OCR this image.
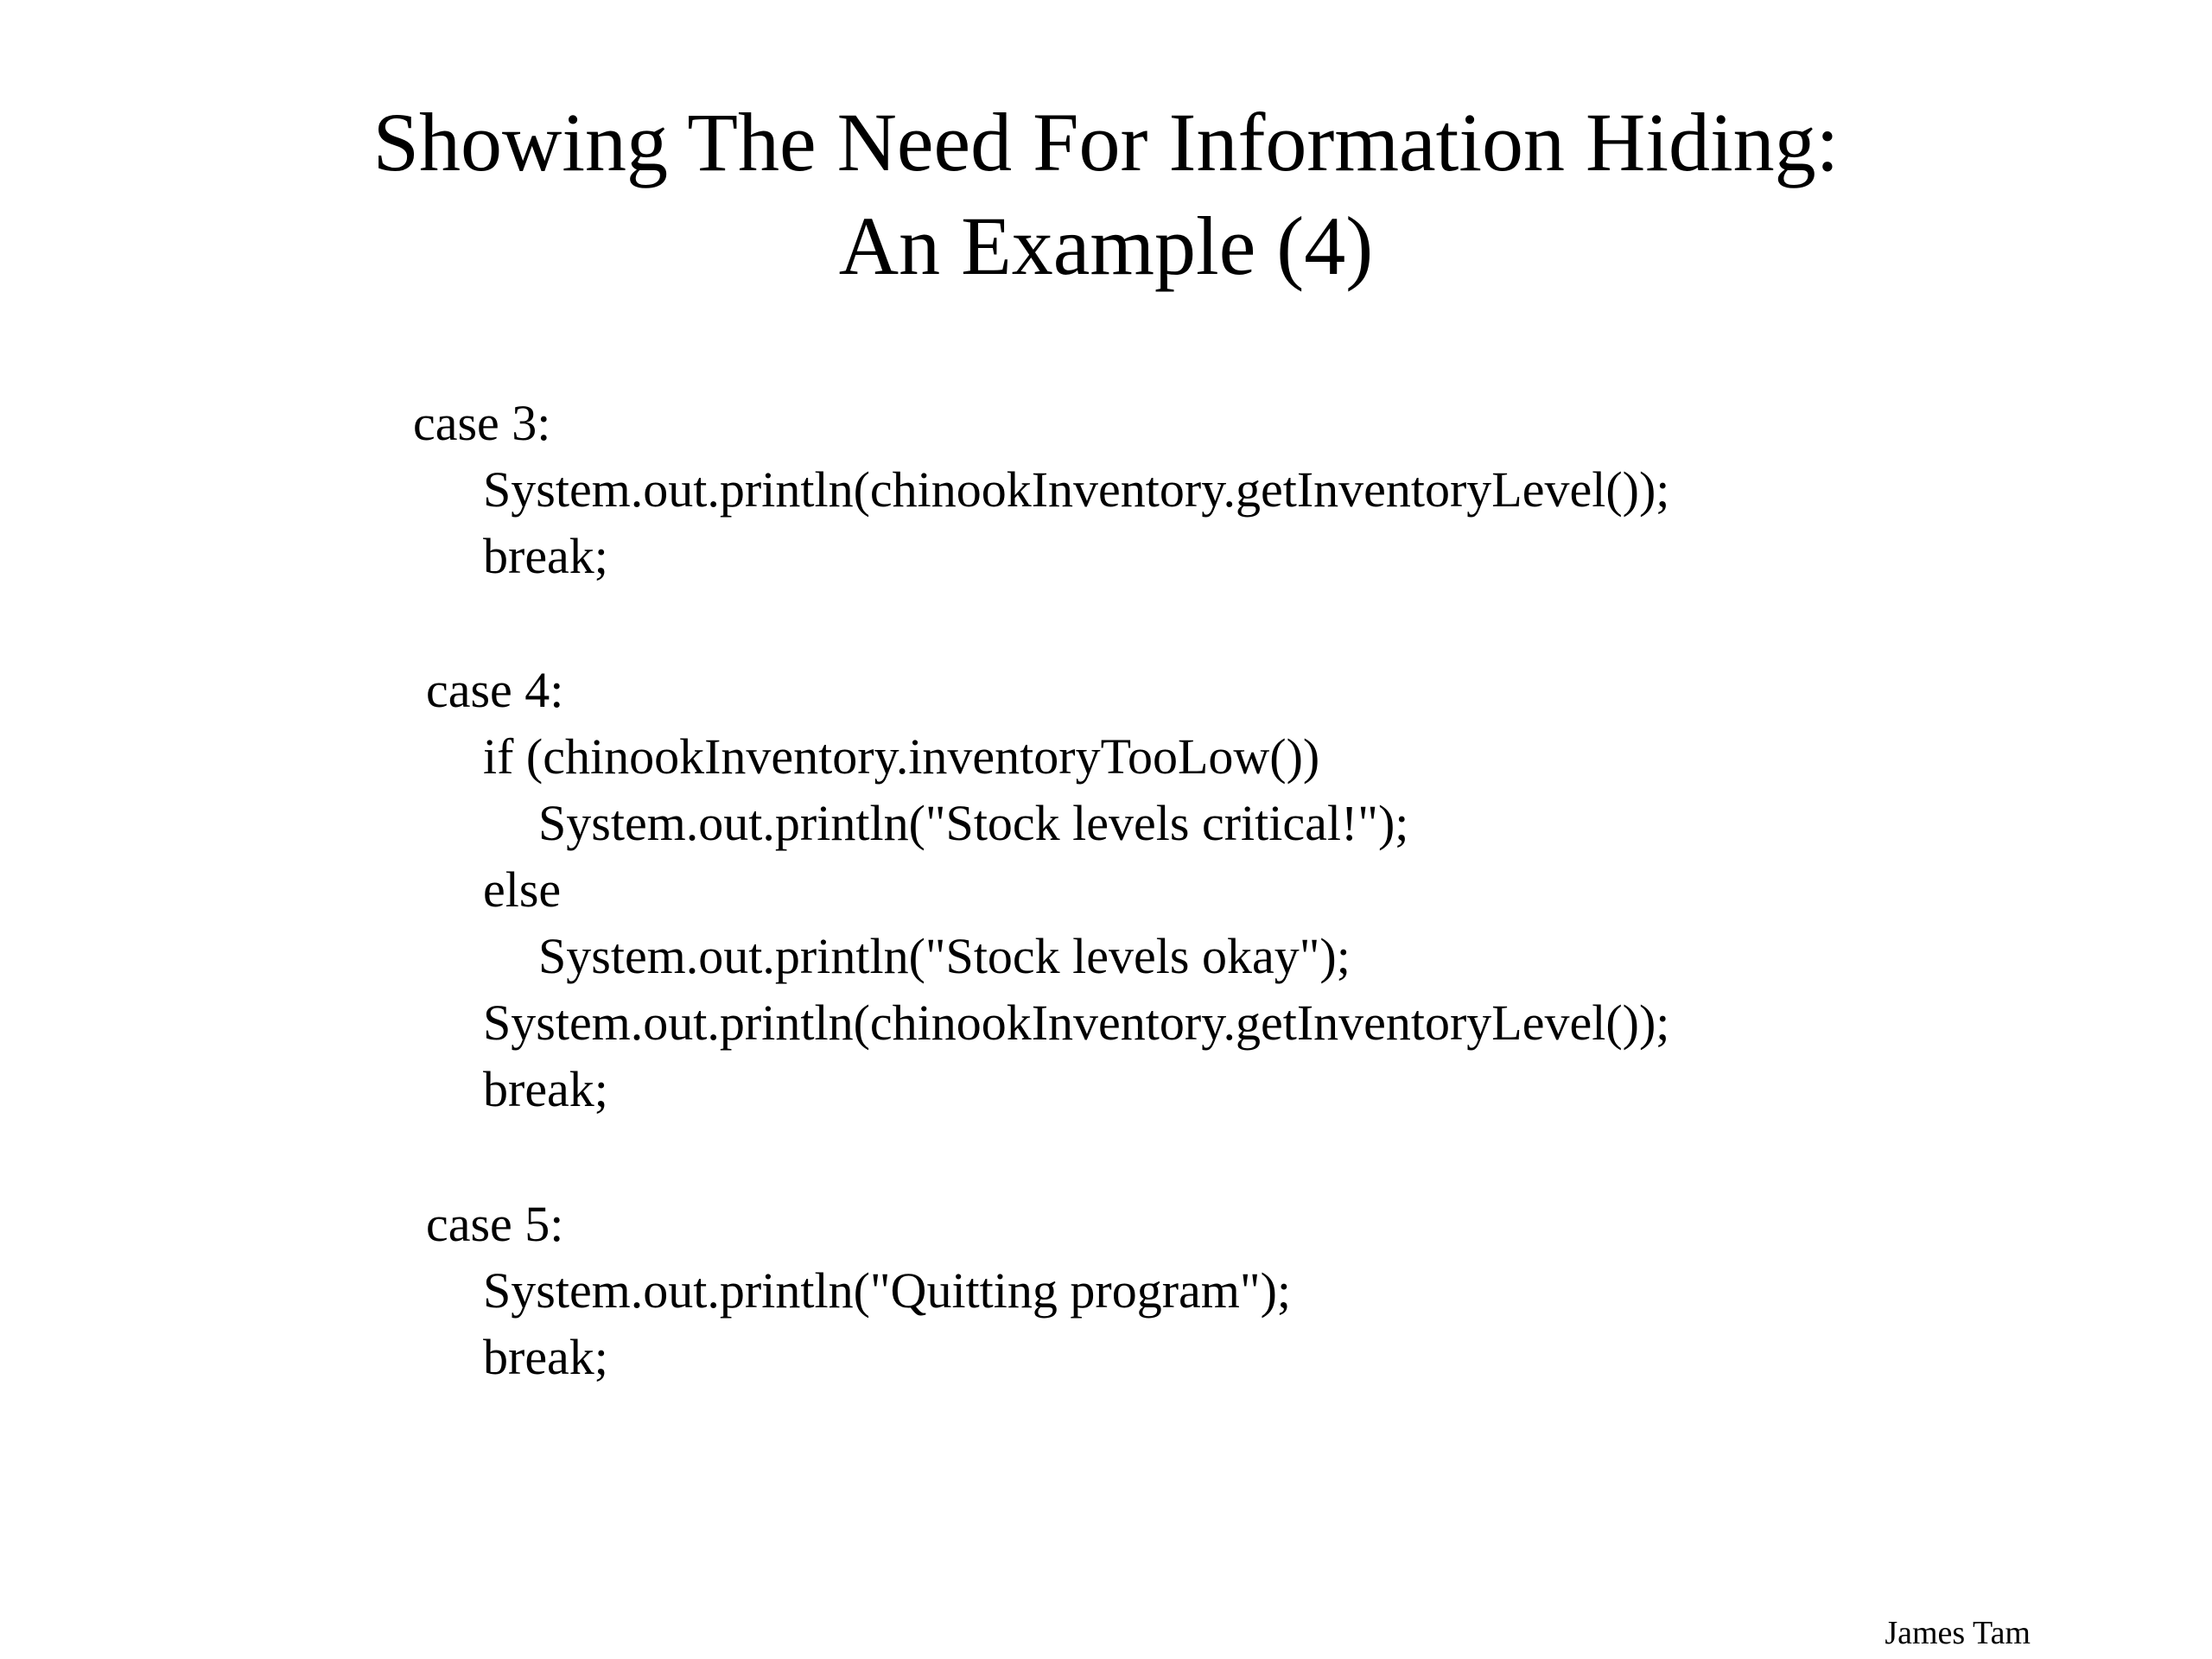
Showing The Need For Information Hiding:
An Example (4)
case 3:
System.out.println(chinookInventory.getInventoryLevel());
break;
case 4:
if (chinookInventory.inventoryTooLow())
System.out.println("Stock levels critical!");
else
System.out.println("Stock levels okay");
System.out.println(chinookInventory.getInventoryLevel());
break;
case 5:
System.out.println("Quitting program");
break;
James Tam
